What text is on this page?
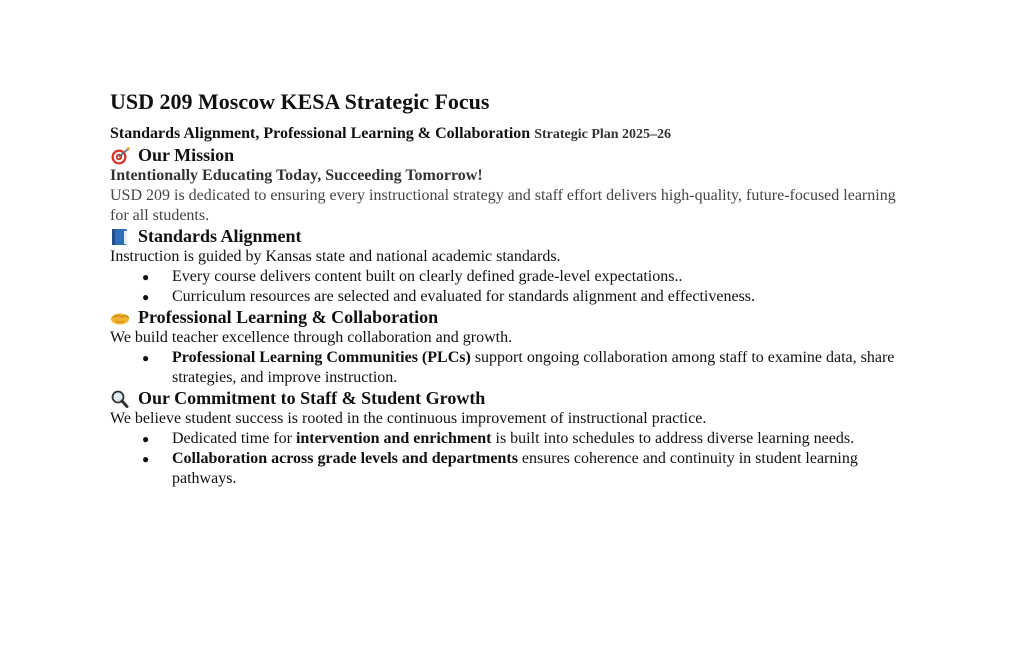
USD 209 Moscow KESA Strategic Focus

Standards Alignment, Professional Learning & Collaboration Strategic Plan 2025–26

Our Mission

Intentionally Educating Today, Succeeding Tomorrow!

USD 209 is dedicated to ensuring every instructional strategy and staff effort delivers high-quality, future-focused learning for all students.

Standards Alignment

Instruction is guided by Kansas state and national academic standards.

● Every course delivers content built on clearly defined grade-level expectations..
● Curriculum resources are selected and evaluated for standards alignment and effectiveness.
Professional Learning & Collaboration

We build teacher excellence through collaboration and growth.

● Professional Learning Communities (PLCs) support ongoing collaboration among staff to examine data, share strategies, and improve instruction.
Our Commitment to Staff & Student Growth

We believe student success is rooted in the continuous improvement of instructional practice.

● Dedicated time for intervention and enrichment is built into schedules to address diverse learning needs.
● Collaboration across grade levels and departments ensures coherence and continuity in student learning pathways.
